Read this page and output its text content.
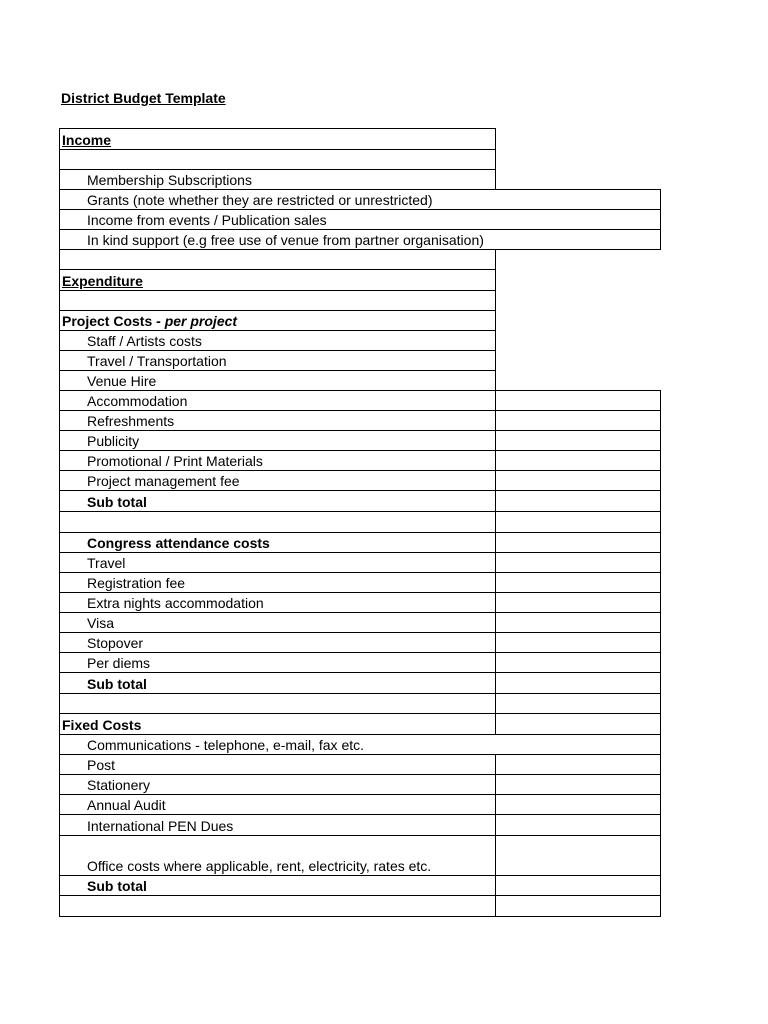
District Budget Template
Income
Membership Subscriptions
Grants (note whether they are restricted or unrestricted)
Income from events / Publication sales
In kind support (e.g free use of venue from partner organisation)
Expenditure
Project Costs - per project
Staff / Artists costs
Travel / Transportation
Venue Hire
Accommodation
Refreshments
Publicity
Promotional / Print Materials
Project management fee
Sub total
Congress attendance costs
Travel
Registration fee
Extra nights accommodation
Visa
Stopover
Per diems
Sub total
Fixed Costs
Communications - telephone, e-mail, fax etc.
Post
Stationery
Annual Audit
International PEN Dues
Office costs where applicable, rent, electricity, rates etc.
Sub total
